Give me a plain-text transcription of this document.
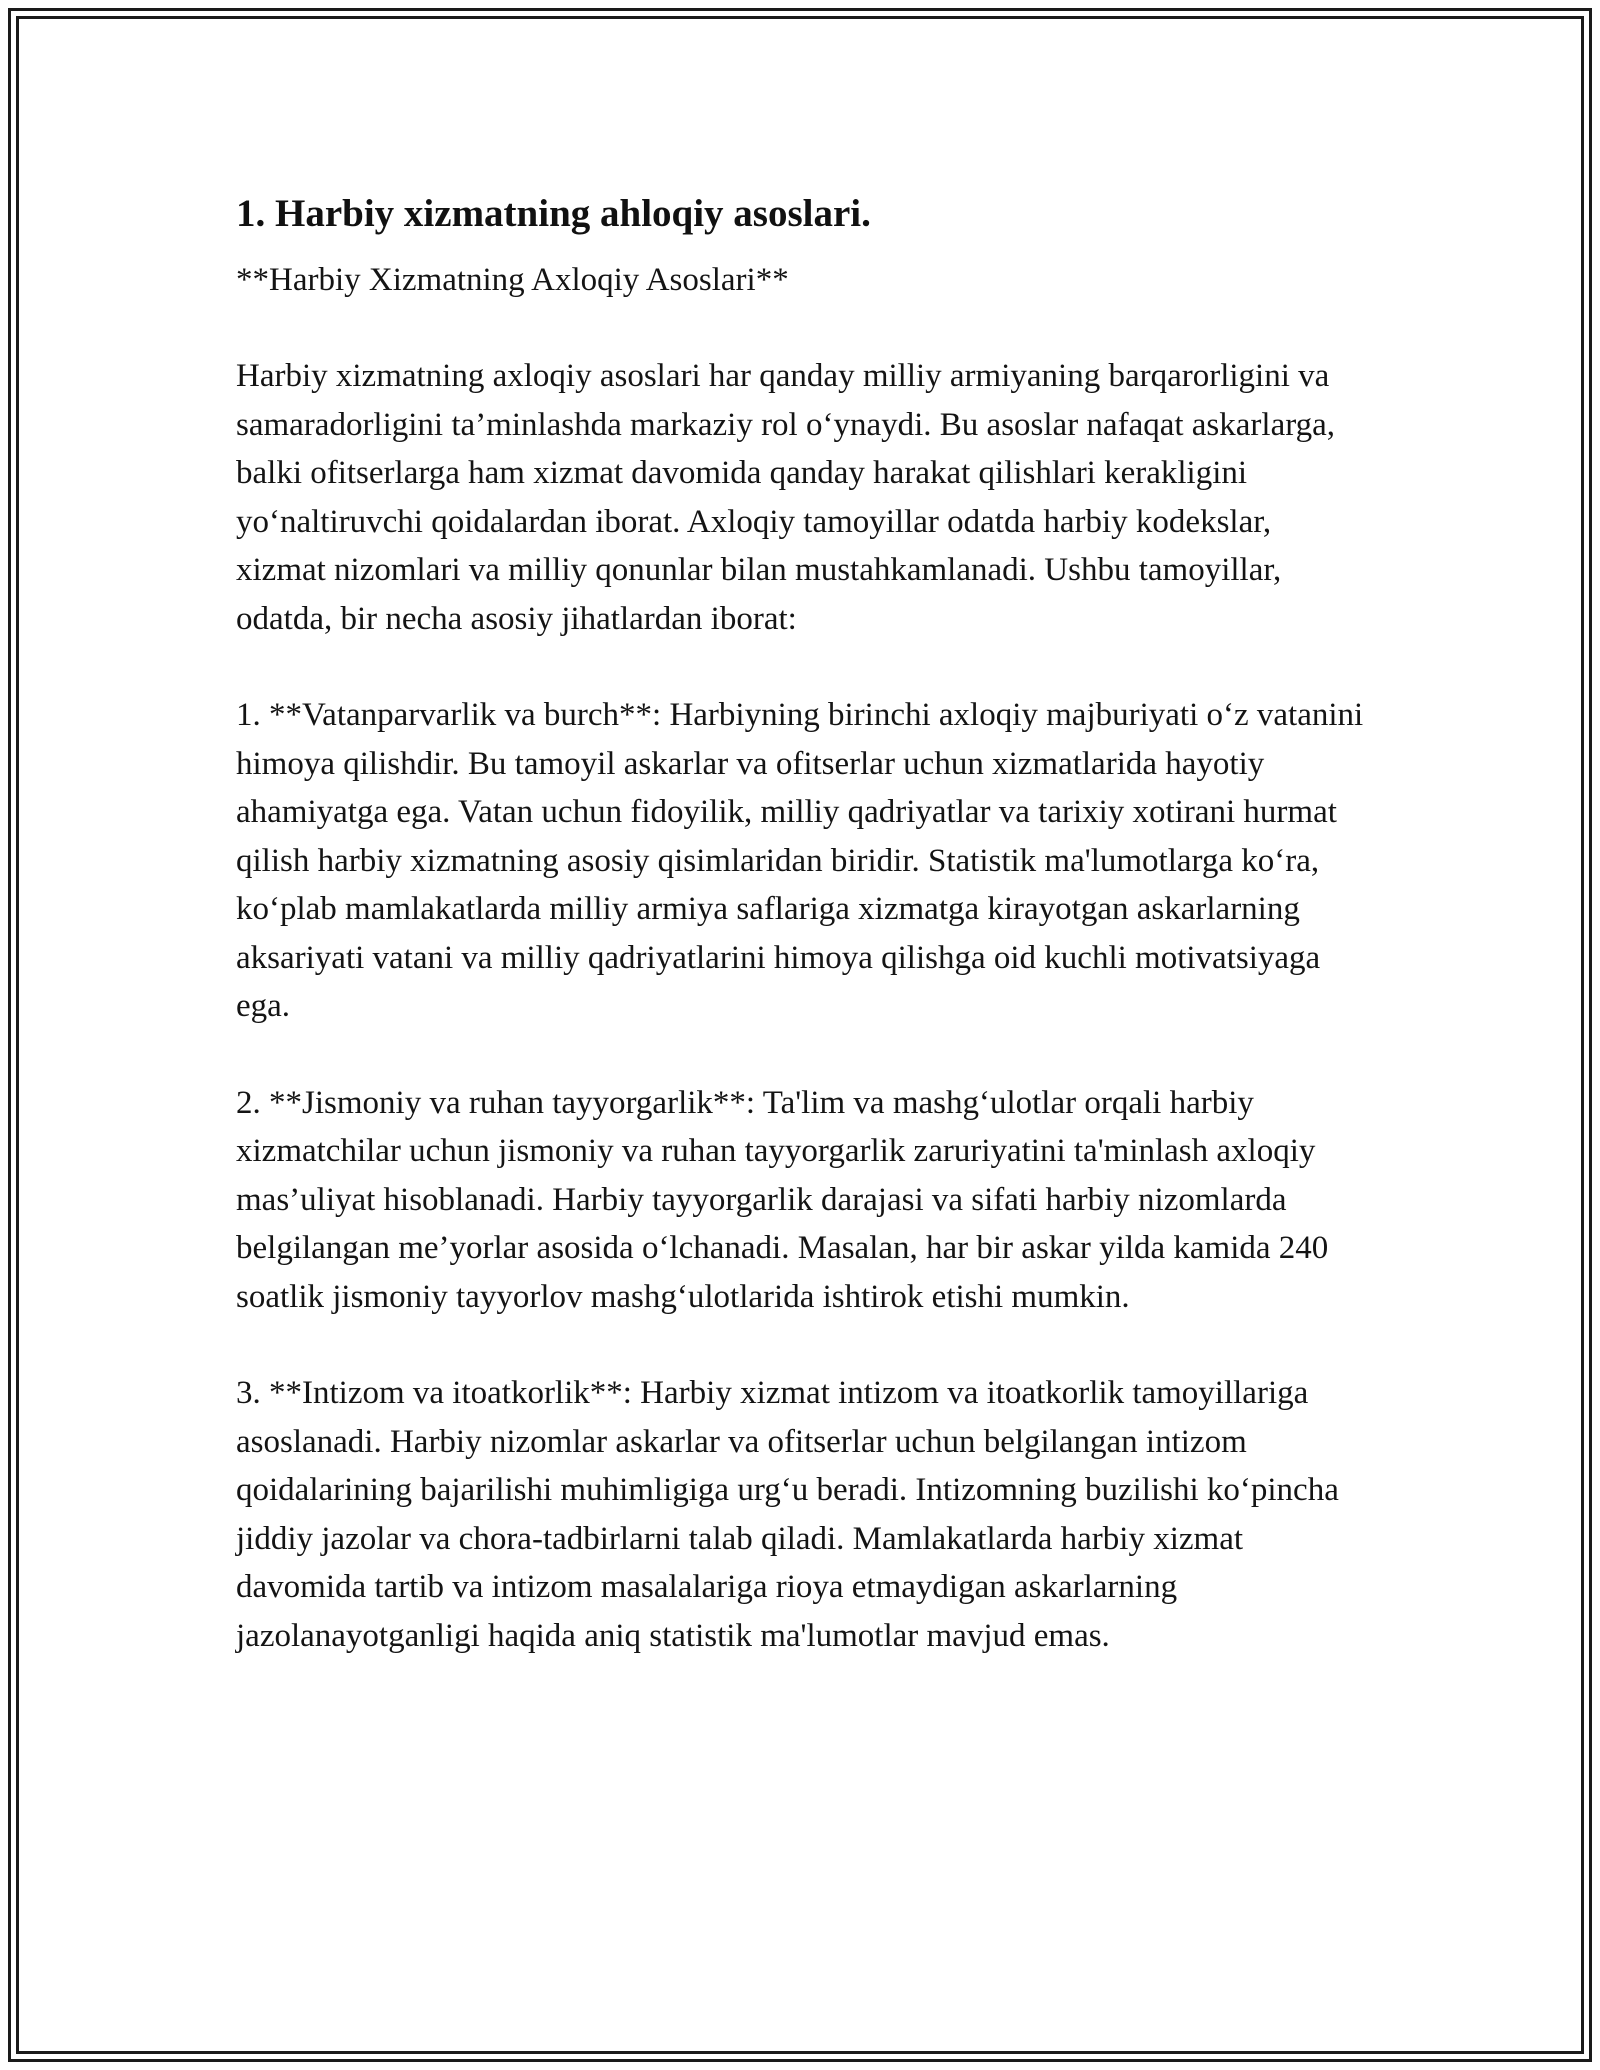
1. Harbiy xizmatning ahloqiy asoslari.

**Harbiy Xizmatning Axloqiy Asoslari**

Harbiy xizmatning axloqiy asoslari har qanday milliy armiyaning barqarorligini va samaradorligini ta’minlashda markaziy rol o‘ynaydi. Bu asoslar nafaqat askarlarga, balki ofitserlarga ham xizmat davomida qanday harakat qilishlari kerakligini yo‘naltiruvchi qoidalardan iborat. Axloqiy tamoyillar odatda harbiy kodekslar, xizmat nizomlari va milliy qonunlar bilan mustahkamlanadi. Ushbu tamoyillar, odatda, bir necha asosiy jihatlardan iborat:

1. **Vatanparvarlik va burch**: Harbiyning birinchi axloqiy majburiyati o‘z vatanini himoya qilishdir. Bu tamoyil askarlar va ofitserlar uchun xizmatlarida hayotiy ahamiyatga ega. Vatan uchun fidoyilik, milliy qadriyatlar va tarixiy xotirani hurmat qilish harbiy xizmatning asosiy qisimlaridan biridir. Statistik ma'lumotlarga ko‘ra, ko‘plab mamlakatlarda milliy armiya saflariga xizmatga kirayotgan askarlarning aksariyati vatani va milliy qadriyatlarini himoya qilishga oid kuchli motivatsiyaga ega.

2. **Jismoniy va ruhan tayyorgarlik**: Ta'lim va mashg‘ulotlar orqali harbiy xizmatchilar uchun jismoniy va ruhan tayyorgarlik zaruriyatini ta'minlash axloqiy mas’uliyat hisoblanadi. Harbiy tayyorgarlik darajasi va sifati harbiy nizomlarda belgilangan me’yorlar asosida o‘lchanadi. Masalan, har bir askar yilda kamida 240 soatlik jismoniy tayyorlov mashg‘ulotlarida ishtirok etishi mumkin.

3. **Intizom va itoatkorlik**: Harbiy xizmat intizom va itoatkorlik tamoyillariga asoslanadi. Harbiy nizomlar askarlar va ofitserlar uchun belgilangan intizom qoidalarining bajarilishi muhimligiga urg‘u beradi. Intizomning buzilishi ko‘pincha jiddiy jazolar va chora-tadbirlarni talab qiladi. Mamlakatlarda harbiy xizmat davomida tartib va intizom masalalariga rioya etmaydigan askarlarning jazolanayotganligi haqida aniq statistik ma'lumotlar mavjud emas.
